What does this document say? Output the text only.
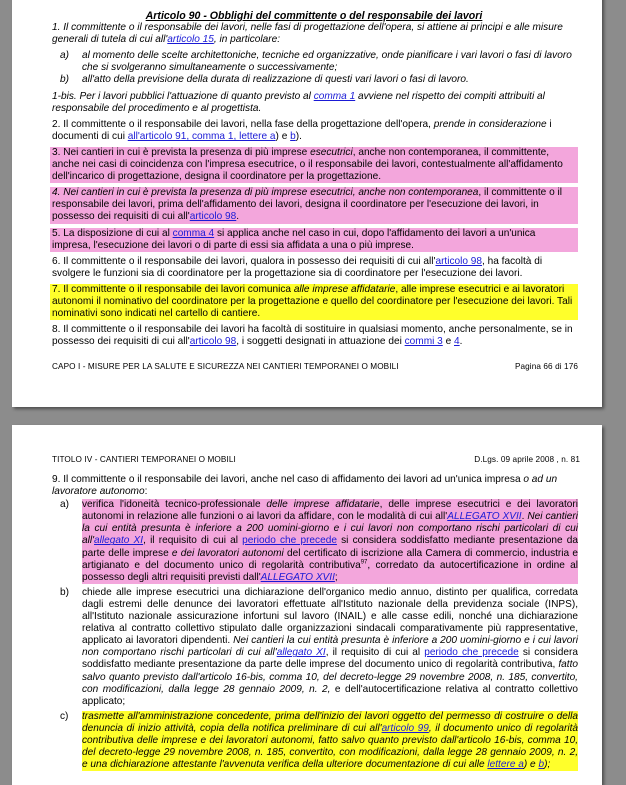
Articolo 90 - Obblighi del committente o del responsabile dei lavori

1. Il committente o il responsabile dei lavori, nelle fasi di progettazione dell'opera, si attiene ai principi e alle misure generali di tutela di cui all'articolo 15, in particolare:

a)	al momento delle scelte architettoniche, tecniche ed organizzative, onde pianificare i vari lavori o fasi di lavoro che si svolgeranno simultaneamente o successivamente;
b)	all'atto della previsione della durata di realizzazione di questi vari lavori o fasi di lavoro.

1-bis. Per i lavori pubblici l'attuazione di quanto previsto al comma 1 avviene nel rispetto dei compiti attribuiti al responsabile del procedimento e al progettista.

2. Il committente o il responsabile dei lavori, nella fase della progettazione dell'opera, prende in considerazione i documenti di cui all'articolo 91, comma 1, lettere a) e b).

3. Nei cantieri in cui è prevista la presenza di più imprese esecutrici, anche non contemporanea, il committente, anche nei casi di coincidenza con l'impresa esecutrice, o il responsabile dei lavori, contestualmente all'affidamento dell'incarico di progettazione, designa il coordinatore per la progettazione.

4. Nei cantieri in cui è prevista la presenza di più imprese esecutrici, anche non contemporanea, il committente o il responsabile dei lavori, prima dell'affidamento dei lavori, designa il coordinatore per l'esecuzione dei lavori, in possesso dei requisiti di cui all'articolo 98.

5. La disposizione di cui al comma 4 si applica anche nel caso in cui, dopo l'affidamento dei lavori a un'unica impresa, l'esecuzione dei lavori o di parte di essi sia affidata a una o più imprese.

6. Il committente o il responsabile dei lavori, qualora in possesso dei requisiti di cui all'articolo 98, ha facoltà di svolgere le funzioni sia di coordinatore per la progettazione sia di coordinatore per l'esecuzione dei lavori.

7. Il committente o il responsabile dei lavori comunica alle imprese affidatarie, alle imprese esecutrici e ai lavoratori autonomi il nominativo del coordinatore per la progettazione e quello del coordinatore per l'esecuzione dei lavori. Tali nominativi sono indicati nel cartello di cantiere.

8. Il committente o il responsabile dei lavori ha facoltà di sostituire in qualsiasi momento, anche personalmente, se in possesso dei requisiti di cui all'articolo 98, i soggetti designati in attuazione dei commi 3 e 4.

CAPO I - MISURE PER LA SALUTE E SICUREZZA NEI CANTIERI TEMPORANEI O MOBILI	Pagina 66 di 176
TITOLO IV - CANTIERI TEMPORANEI O MOBILI	D.Lgs. 09 aprile 2008 , n. 81

9. Il committente o il responsabile dei lavori, anche nel caso di affidamento dei lavori ad un'unica impresa o ad un lavoratore autonomo:

a)	verifica l'idoneità tecnico-professionale delle imprese affidatarie, delle imprese esecutrici e dei lavoratori autonomi in relazione alle funzioni o ai lavori da affidare, con le modalità di cui all'ALLEGATO XVII. Nei cantieri la cui entità presunta è inferiore a 200 uomini-giorno e i cui lavori non comportano rischi particolari di cui all'allegato XI, il requisito di cui al periodo che precede si considera soddisfatto mediante presentazione da parte delle imprese e dei lavoratori autonomi del certificato di iscrizione alla Camera di commercio, industria e artigianato e del documento unico di regolarità contributiva$^{97}$, corredato da autocertificazione in ordine al possesso degli altri requisiti previsti dall'ALLEGATO XVII;
b)	chiede alle imprese esecutrici una dichiarazione dell'organico medio annuo, distinto per qualifica, corredata dagli estremi delle denunce dei lavoratori effettuate all'Istituto nazionale della previdenza sociale (INPS), all'Istituto nazionale assicurazione infortuni sul lavoro (INAIL) e alle casse edili, nonché una dichiarazione relativa al contratto collettivo stipulato dalle organizzazioni sindacali comparativamente più rappresentative, applicato ai lavoratori dipendenti. Nei cantieri la cui entità presunta è inferiore a 200 uomini-giorno e i cui lavori non comportano rischi particolari di cui all'allegato XI, il requisito di cui al periodo che precede si considera soddisfatto mediante presentazione da parte delle imprese del documento unico di regolarità contributiva, fatto salvo quanto previsto dall'articolo 16-bis, comma 10, del decreto-legge 29 novembre 2008, n. 185, convertito, con modificazioni, dalla legge 28 gennaio 2009, n. 2, e dell'autocertificazione relativa al contratto collettivo applicato;
c)	trasmette all'amministrazione concedente, prima dell'inizio dei lavori oggetto del permesso di costruire o della denuncia di inizio attività, copia della notifica preliminare di cui all'articolo 99, il documento unico di regolarità contributiva delle imprese e dei lavoratori autonomi, fatto salvo quanto previsto dall'articolo 16-bis, comma 10, del decreto-legge 29 novembre 2008, n. 185, convertito, con modificazioni, dalla legge 28 gennaio 2009, n. 2, e una dichiarazione attestante l'avvenuta verifica della ulteriore documentazione di cui alle lettere a) e b);
